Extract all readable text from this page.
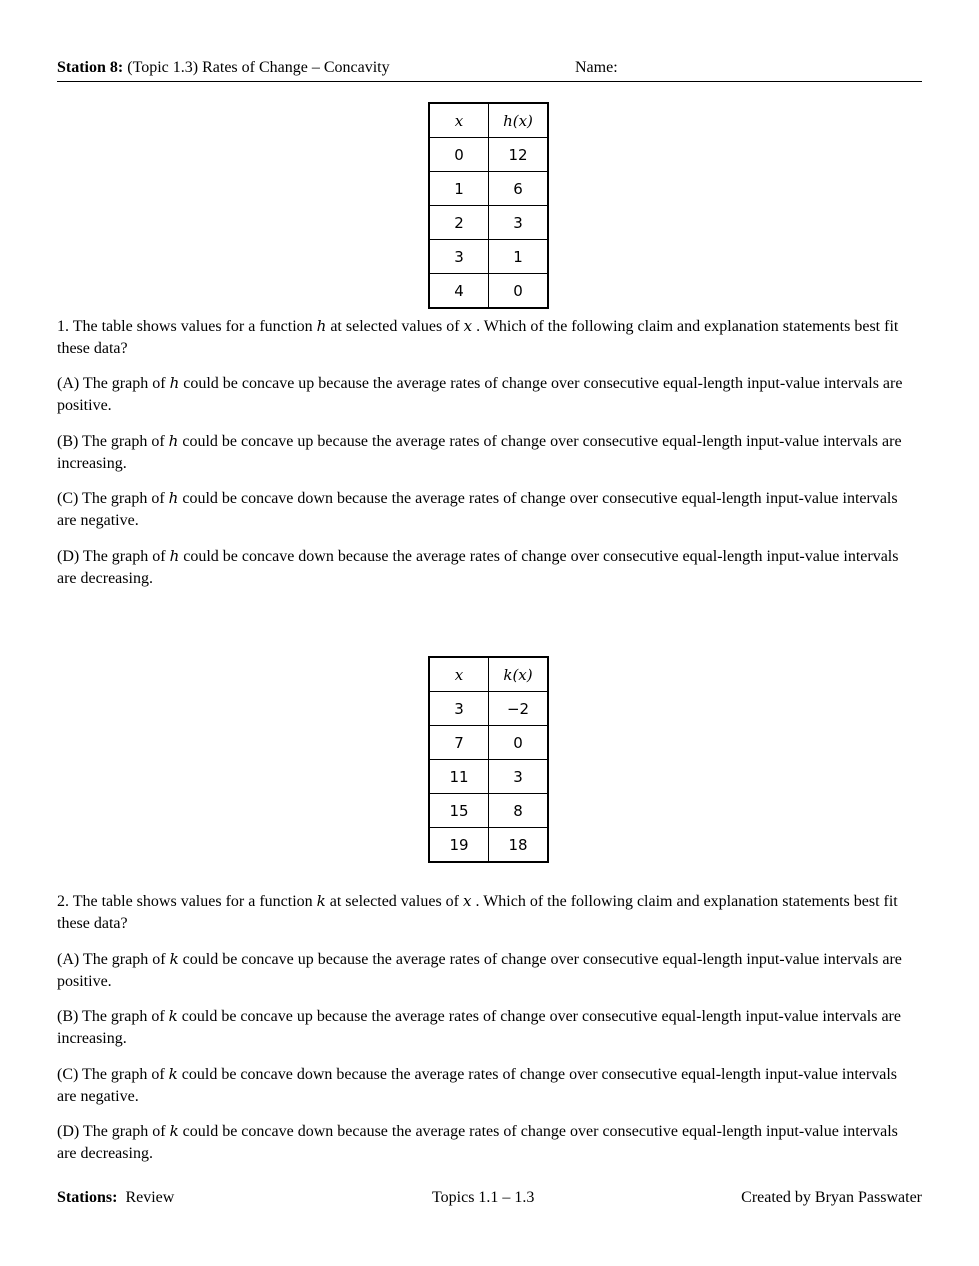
Station 8: (Topic 1.3) Rates of Change – Concavity	Name:
x	h(x)
0	12
1	6
2	3
3	1
4	0
1. The table shows values for a function h at selected values of x . Which of the following claim and explanation statements best fit these data?
(A) The graph of h could be concave up because the average rates of change over consecutive equal-length input-value intervals are positive.
(B) The graph of h could be concave up because the average rates of change over consecutive equal-length input-value intervals are increasing.
(C) The graph of h could be concave down because the average rates of change over consecutive equal-length input-value intervals are negative.
(D) The graph of h could be concave down because the average rates of change over consecutive equal-length input-value intervals are decreasing.
x	k(x)
3	−2
7	0
11	3
15	8
19	18
2. The table shows values for a function k at selected values of x . Which of the following claim and explanation statements best fit these data?
(A) The graph of k could be concave up because the average rates of change over consecutive equal-length input-value intervals are positive.
(B) The graph of k could be concave up because the average rates of change over consecutive equal-length input-value intervals are increasing.
(C) The graph of k could be concave down because the average rates of change over consecutive equal-length input-value intervals are negative.
(D) The graph of k could be concave down because the average rates of change over consecutive equal-length input-value intervals are decreasing.
Stations: Review	Topics 1.1 – 1.3	Created by Bryan Passwater
